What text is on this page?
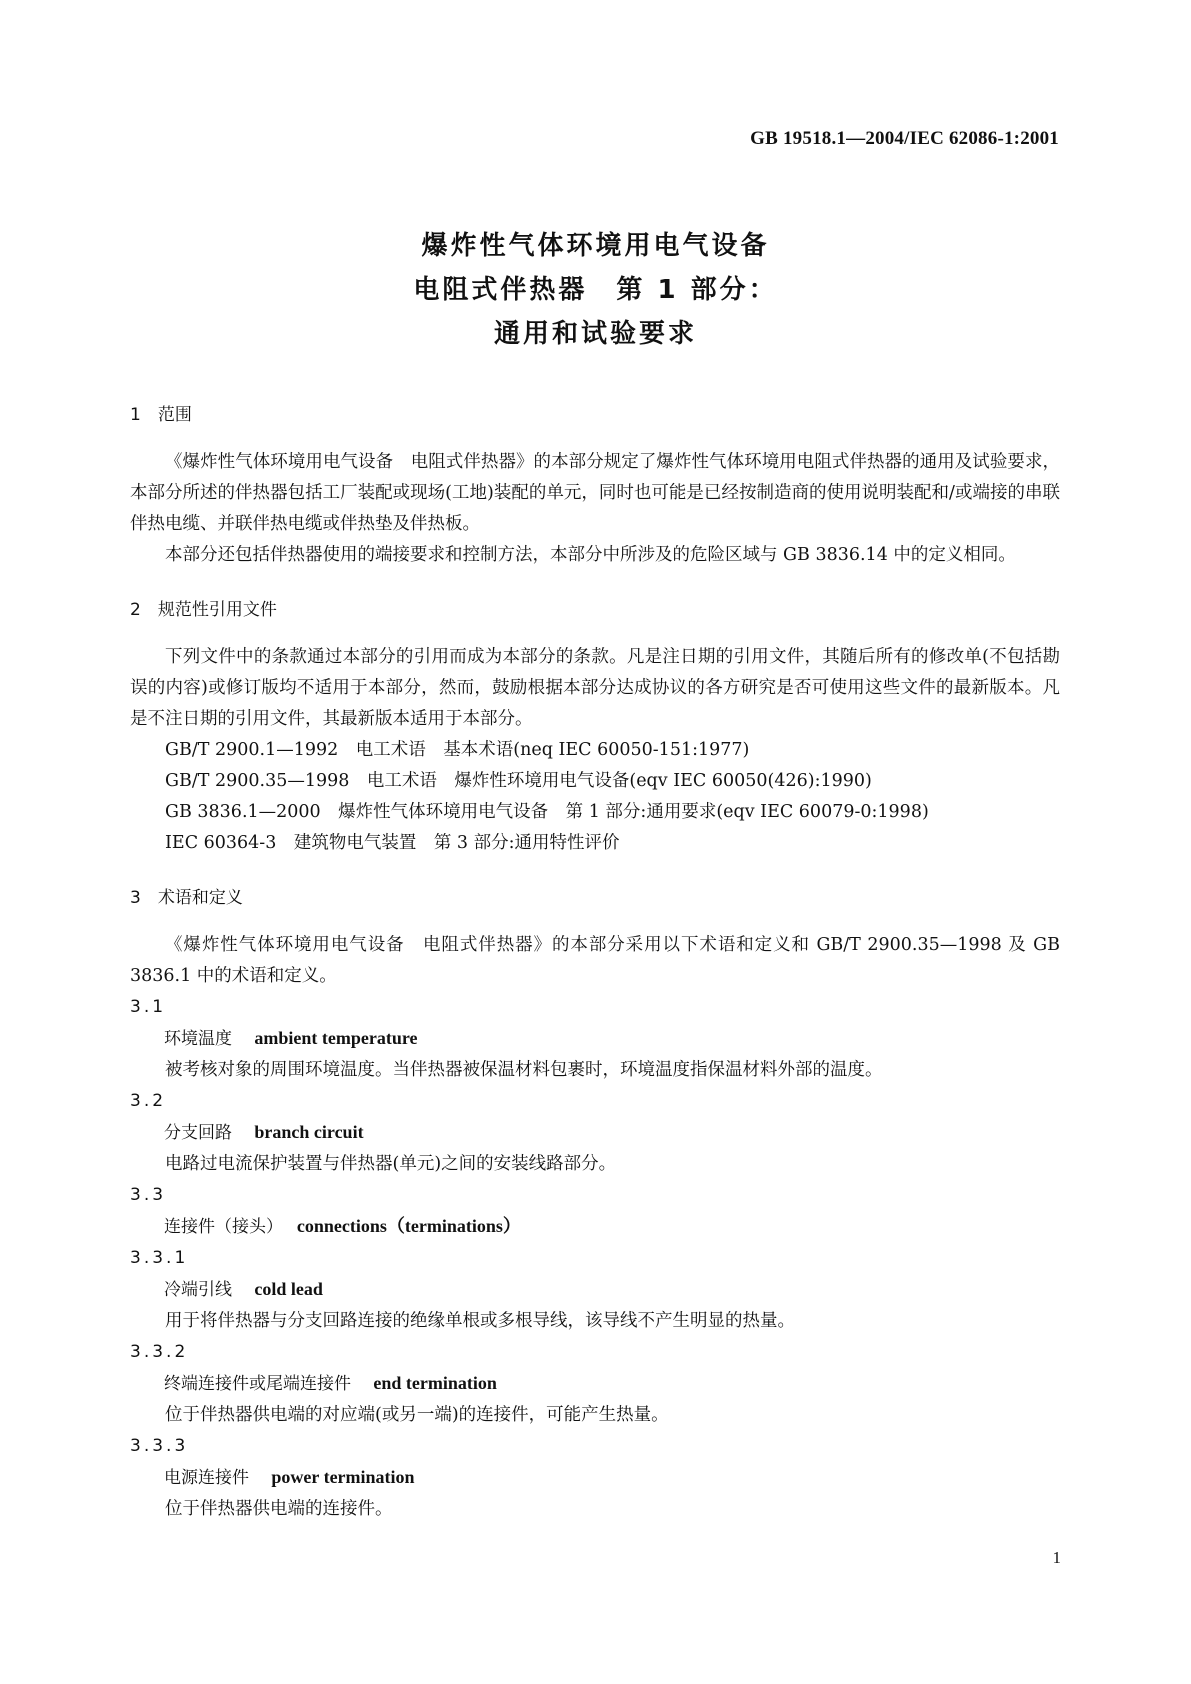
GB 19518.1—2004/IEC 62086-1:2001
爆炸性气体环境用电气设备
电阻式伴热器　第 1 部分：
通用和试验要求

1　范围

《爆炸性气体环境用电气设备　电阻式伴热器》的本部分规定了爆炸性气体环境用电阻式伴热器的通用及试验要求，本部分所述的伴热器包括工厂装配或现场(工地)装配的单元，同时也可能是已经按制造商的使用说明装配和/或端接的串联伴热电缆、并联伴热电缆或伴热垫及伴热板。

本部分还包括伴热器使用的端接要求和控制方法，本部分中所涉及的危险区域与 GB 3836.14 中的定义相同。

2　规范性引用文件

下列文件中的条款通过本部分的引用而成为本部分的条款。凡是注日期的引用文件，其随后所有的修改单(不包括勘误的内容)或修订版均不适用于本部分，然而，鼓励根据本部分达成协议的各方研究是否可使用这些文件的最新版本。凡是不注日期的引用文件，其最新版本适用于本部分。

GB/T 2900.1—1992　电工术语　基本术语(neq IEC 60050-151:1977)

GB/T 2900.35—1998　电工术语　爆炸性环境用电气设备(eqv IEC 60050(426):1990)

GB 3836.1—2000　爆炸性气体环境用电气设备　第 1 部分:通用要求(eqv IEC 60079-0:1998)

IEC 60364-3　建筑物电气装置　第 3 部分:通用特性评价

3　术语和定义

《爆炸性气体环境用电气设备　电阻式伴热器》的本部分采用以下术语和定义和 GB/T 2900.35—1998 及 GB 3836.1 中的术语和定义。

3.1

环境温度　 ambient temperature

被考核对象的周围环境温度。当伴热器被保温材料包裹时，环境温度指保温材料外部的温度。

3.2

分支回路　 branch circuit

电路过电流保护装置与伴热器(单元)之间的安装线路部分。

3.3

连接件（接头）　 connections（terminations）

3.3.1

冷端引线　 cold lead

用于将伴热器与分支回路连接的绝缘单根或多根导线，该导线不产生明显的热量。

3.3.2

终端连接件或尾端连接件　 end termination

位于伴热器供电端的对应端(或另一端)的连接件，可能产生热量。

3.3.3

电源连接件　 power termination

位于伴热器供电端的连接件。

1
